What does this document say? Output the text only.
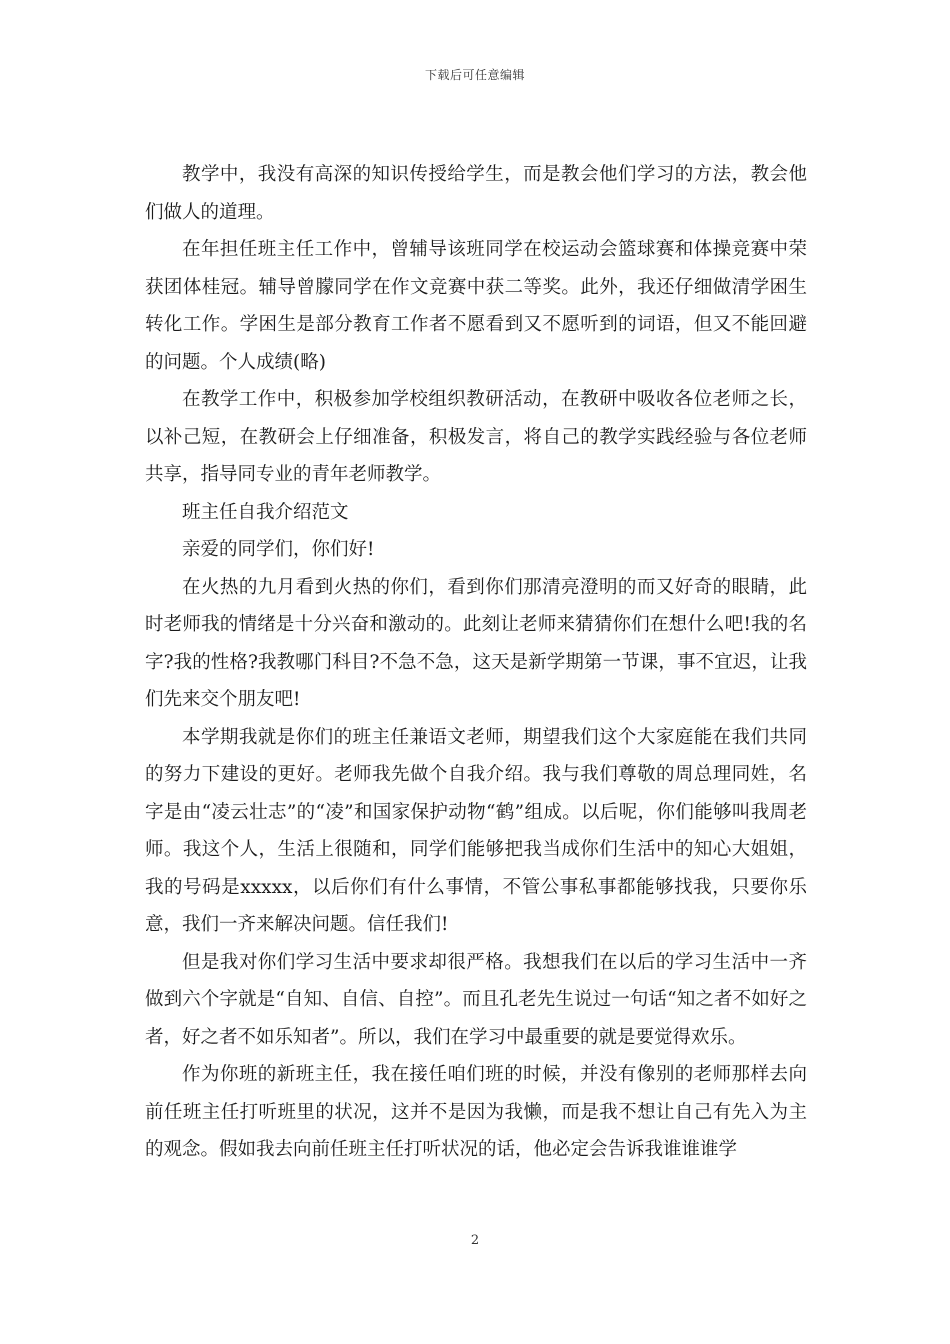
下载后可任意编辑

教学中，我没有高深的知识传授给学生，而是教会他们学习的方法，教会他们做人的道理。

在年担任班主任工作中，曾辅导该班同学在校运动会篮球赛和体操竞赛中荣获团体桂冠。辅导曾朦同学在作文竞赛中获二等奖。此外，我还仔细做清学困生转化工作。学困生是部分教育工作者不愿看到又不愿听到的词语，但又不能回避的问题。个人成绩(略)

在教学工作中，积极参加学校组织教研活动，在教研中吸收各位老师之长，以补己短，在教研会上仔细准备，积极发言，将自己的教学实践经验与各位老师共享，指导同专业的青年老师教学。

班主任自我介绍范文

亲爱的同学们，你们好!

在火热的九月看到火热的你们，看到你们那清亮澄明的而又好奇的眼睛，此时老师我的情绪是十分兴奋和激动的。此刻让老师来猜猜你们在想什么吧!我的名字?我的性格?我教哪门科目?不急不急，这天是新学期第一节课，事不宜迟，让我们先来交个朋友吧!

本学期我就是你们的班主任兼语文老师，期望我们这个大家庭能在我们共同的努力下建设的更好。老师我先做个自我介绍。我与我们尊敬的周总理同姓，名字是由“凌云壮志”的“凌”和国家保护动物“鹤”组成。以后呢，你们能够叫我周老师。我这个人，生活上很随和，同学们能够把我当成你们生活中的知心大姐姐，我的号码是xxxxx，以后你们有什么事情，不管公事私事都能够找我，只要你乐意，我们一齐来解决问题。信任我们!

但是我对你们学习生活中要求却很严格。我想我们在以后的学习生活中一齐做到六个字就是“自知、自信、自控”。而且孔老先生说过一句话“知之者不如好之者，好之者不如乐知者”。所以，我们在学习中最重要的就是要觉得欢乐。

作为你班的新班主任，我在接任咱们班的时候，并没有像别的老师那样去向前任班主任打听班里的状况，这并不是因为我懒，而是我不想让自己有先入为主的观念。假如我去向前任班主任打听状况的话，他必定会告诉我谁谁谁学

2
